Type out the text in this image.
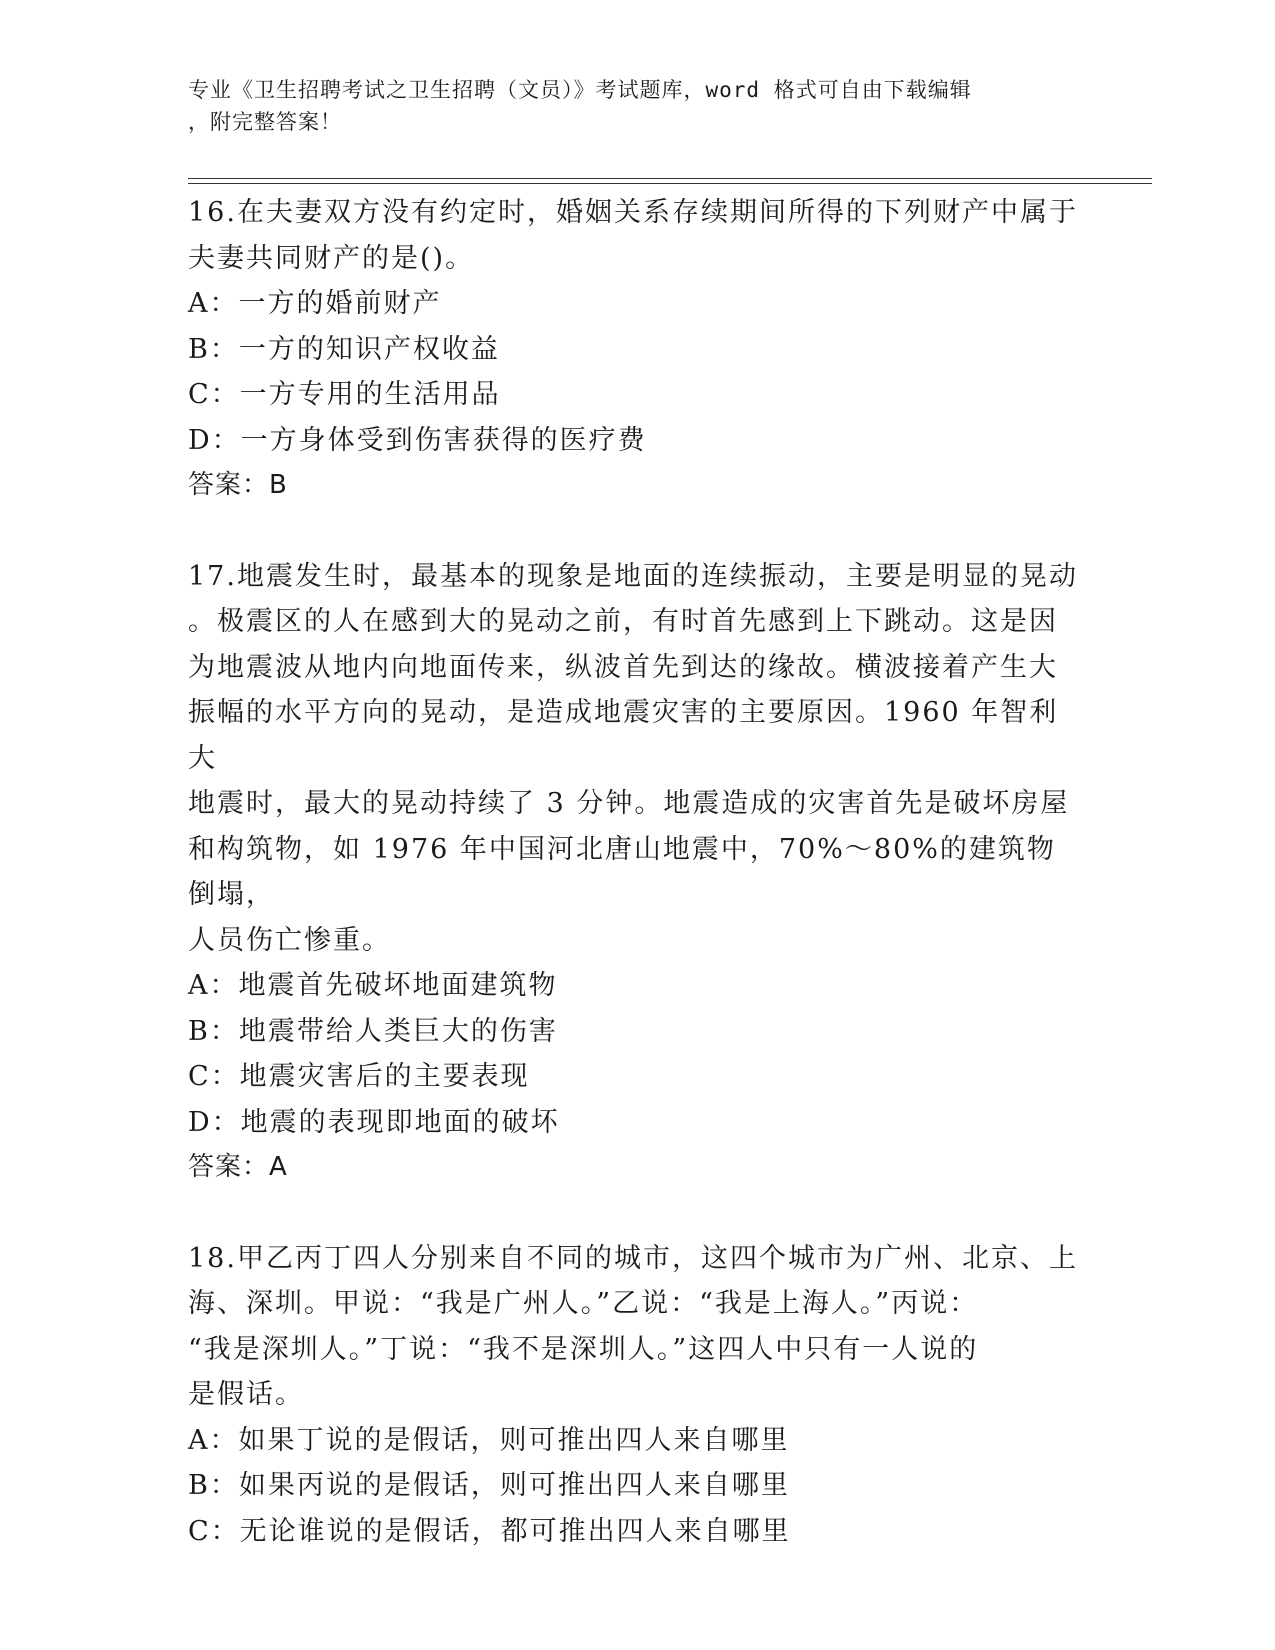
专业《卫生招聘考试之卫生招聘（文员）》考试题库，word 格式可自由下载编辑
，附完整答案！

16.在夫妻双方没有约定时，婚姻关系存续期间所得的下列财产中属于

夫妻共同财产的是()。

A：一方的婚前财产

B：一方的知识产权收益

C：一方专用的生活用品

D：一方身体受到伤害获得的医疗费

答案：B

17.地震发生时，最基本的现象是地面的连续振动，主要是明显的晃动

。极震区的人在感到大的晃动之前，有时首先感到上下跳动。这是因

为地震波从地内向地面传来，纵波首先到达的缘故。横波接着产生大

振幅的水平方向的晃动，是造成地震灾害的主要原因。1960 年智利大

地震时，最大的晃动持续了 3 分钟。地震造成的灾害首先是破坏房屋

和构筑物，如 1976 年中国河北唐山地震中，70%～80%的建筑物倒塌，

人员伤亡惨重。

A：地震首先破坏地面建筑物

B：地震带给人类巨大的伤害

C：地震灾害后的主要表现

D：地震的表现即地面的破坏

答案：A

18.甲乙丙丁四人分别来自不同的城市，这四个城市为广州、北京、上

海、深圳。甲说：“我是广州人。”乙说：“我是上海人。”丙说：

“我是深圳人。”丁说：“我不是深圳人。”这四人中只有一人说的

是假话。

A：如果丁说的是假话，则可推出四人来自哪里

B：如果丙说的是假话，则可推出四人来自哪里

C：无论谁说的是假话，都可推出四人来自哪里
